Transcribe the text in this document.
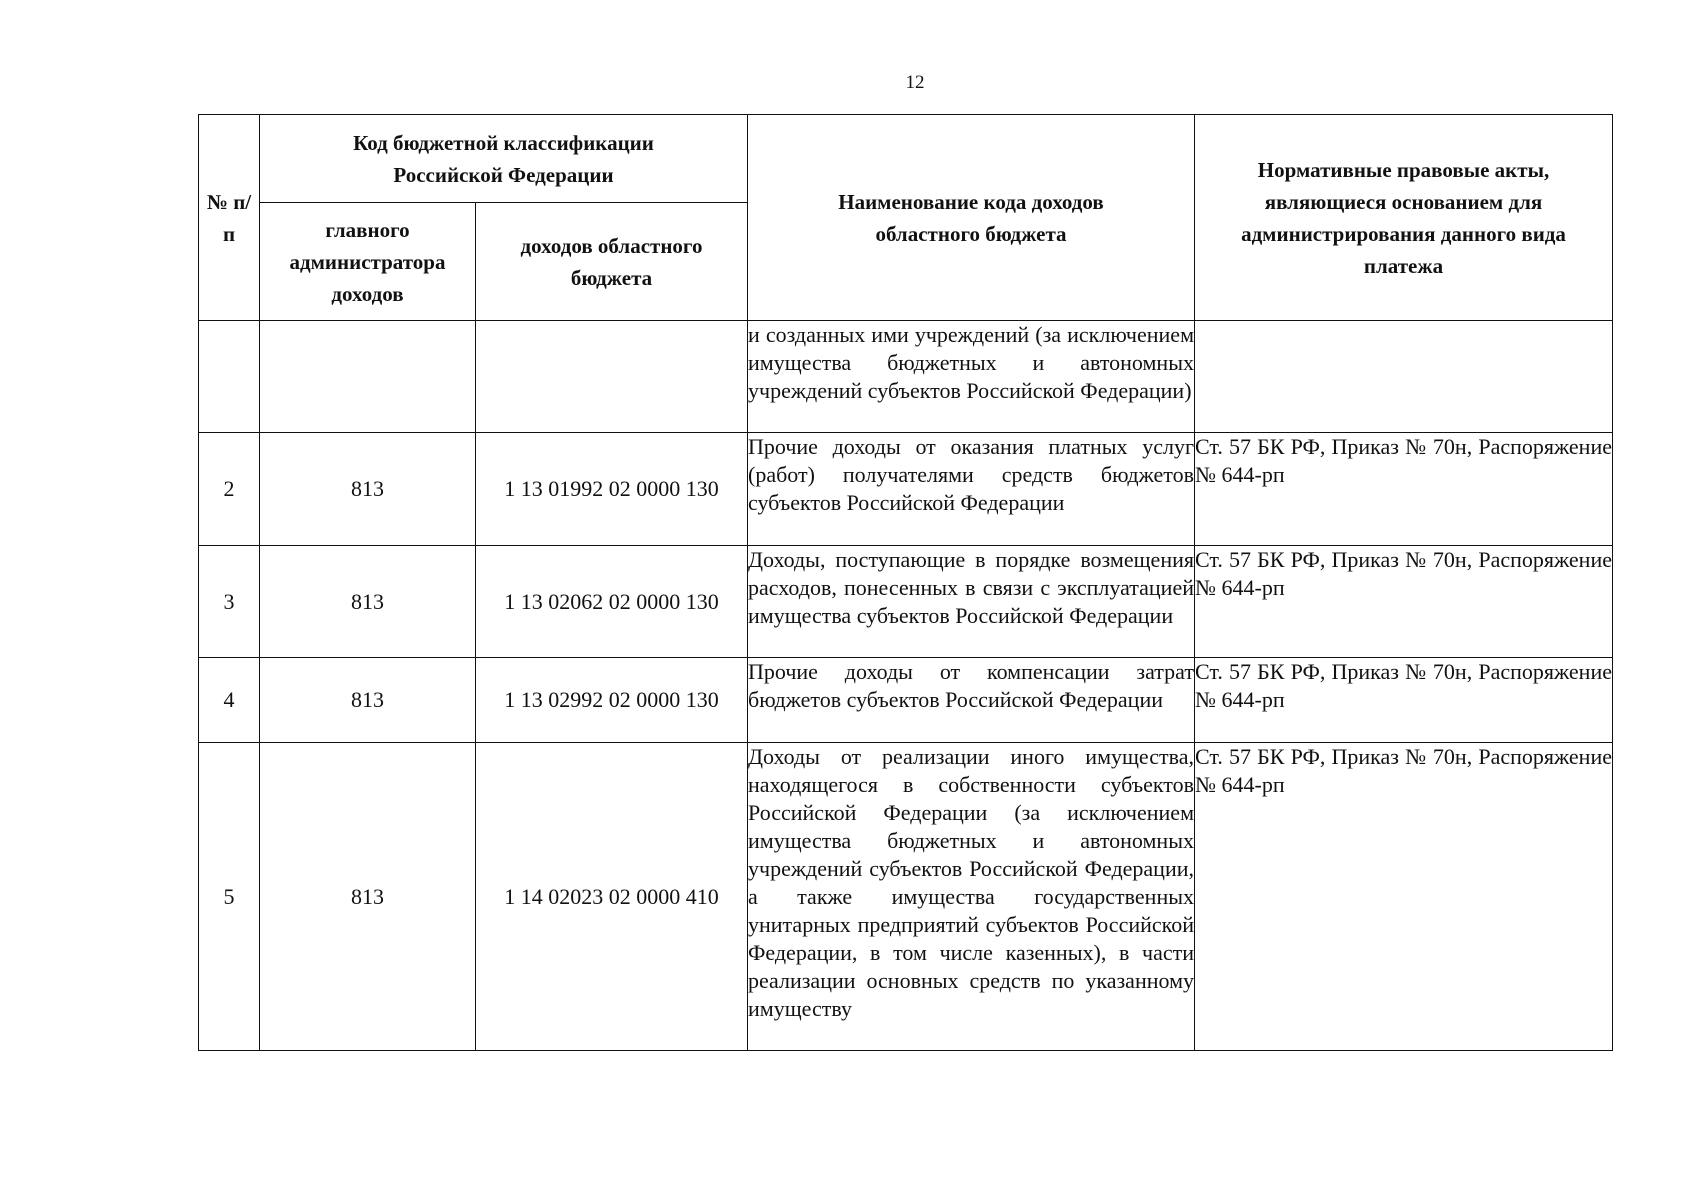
12
№ п/п	Код бюджетной классификации Российской Федерации		Наименование кода доходов областного бюджета	Нормативные правовые акты, являющиеся основанием для администрирования данного вида платежа

	главного администратора доходов	доходов областного бюджета		

			и созданных ими учреждений (за исключением имущества бюджетных и автономных учреждений субъектов Российской Федерации)	

2	813	1 13 01992 02 0000 130	Прочие доходы от оказания платных услуг (работ) получателями средств бюджетов субъектов Российской Федерации	Ст. 57 БК РФ, Приказ № 70н, Распоряжение № 644-рп

3	813	1 13 02062 02 0000 130	Доходы, поступающие в порядке возмещения расходов, понесенных в связи с эксплуатацией имущества субъектов Российской Федерации	Ст. 57 БК РФ, Приказ № 70н, Распоряжение № 644-рп

4	813	1 13 02992 02 0000 130	Прочие доходы от компенсации затрат бюджетов субъектов Российской Федерации	Ст. 57 БК РФ, Приказ № 70н, Распоряжение № 644-рп

5	813	1 14 02023 02 0000 410	Доходы от реализации иного имущества, находящегося в собственности субъектов Российской Федерации (за исключением имущества бюджетных и автономных учреждений субъектов Российской Федерации, а также имущества государственных унитарных предприятий субъектов Российской Федерации, в том числе казенных), в части реализации основных средств по указанному имуществу	Ст. 57 БК РФ, Приказ № 70н, Распоряжение № 644-рп
